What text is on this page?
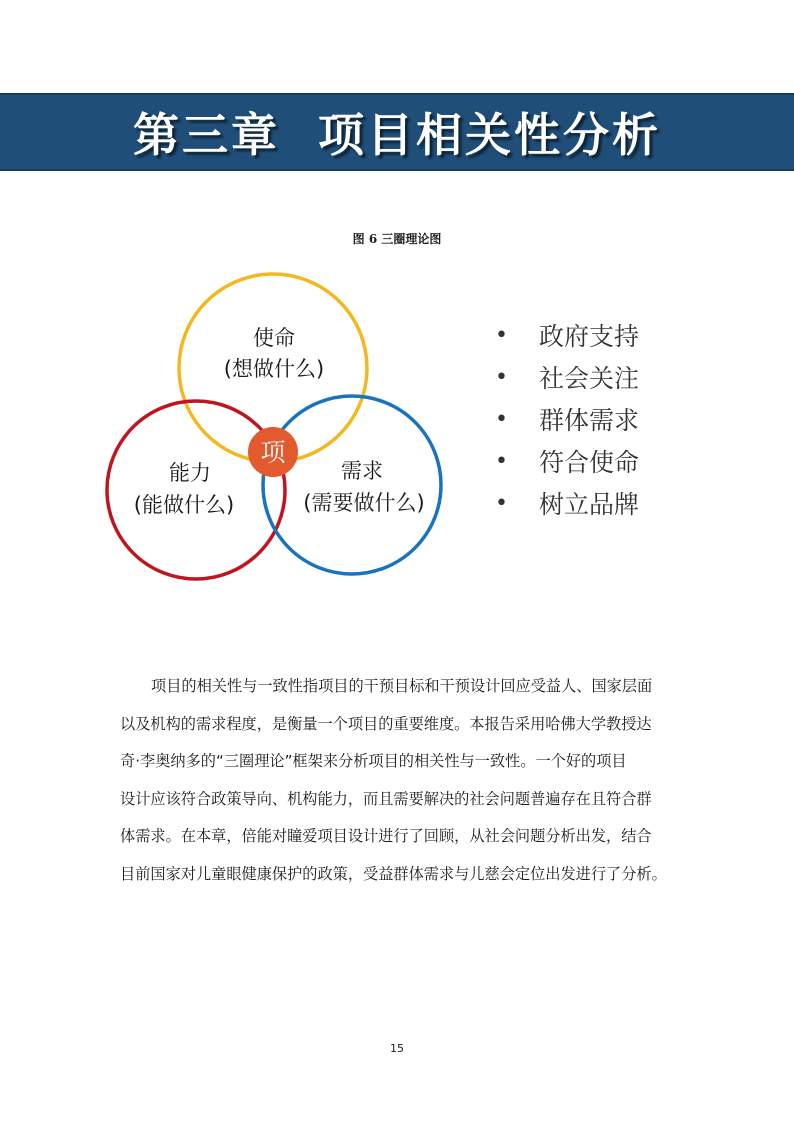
第三章  项目相关性分析
图 6 三圈理论图
项
使命
(想做什么)
能力
(能做什么)
需求
(需要做什么)
•	政府支持
•	社会关注
•	群体需求
•	符合使命
•	树立品牌

项目的相关性与一致性指项目的干预目标和干预设计回应受益人、国家层面
以及机构的需求程度，是衡量一个项目的重要维度。本报告采用哈佛大学教授达
奇·李奥纳多的“三圈理论”框架来分析项目的相关性与一致性。一个好的项目
设计应该符合政策导向、机构能力，而且需要解决的社会问题普遍存在且符合群
体需求。在本章，倍能对瞳爱项目设计进行了回顾，从社会问题分析出发，结合
目前国家对儿童眼健康保护的政策，受益群体需求与儿慈会定位出发进行了分析。

15
